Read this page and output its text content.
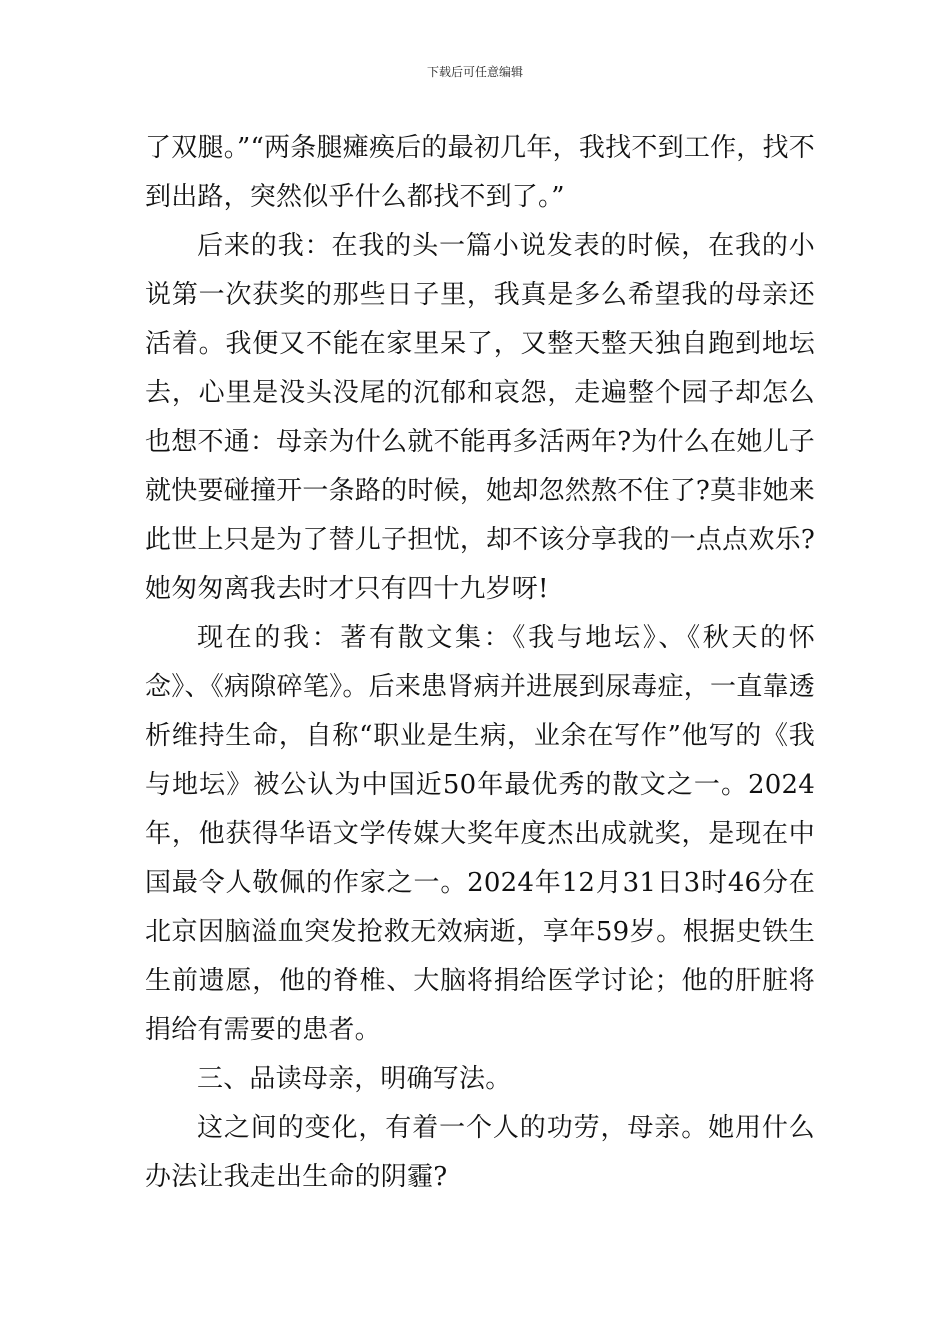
下载后可任意编辑

了双腿。”“两条腿瘫痪后的最初几年，我找不到工作，找不到出路，突然似乎什么都找不到了。”

后来的我：在我的头一篇小说发表的时候，在我的小说第一次获奖的那些日子里，我真是多么希望我的母亲还活着。我便又不能在家里呆了，又整天整天独自跑到地坛去，心里是没头没尾的沉郁和哀怨，走遍整个园子却怎么也想不通：母亲为什么就不能再多活两年?为什么在她儿子就快要碰撞开一条路的时候，她却忽然熬不住了?莫非她来此世上只是为了替儿子担忧，却不该分享我的一点点欢乐?她匆匆离我去时才只有四十九岁呀!

现在的我：著有散文集：《我与地坛》、《秋天的怀念》、《病隙碎笔》。后来患肾病并进展到尿毒症，一直靠透析维持生命，自称“职业是生病，业余在写作”他写的《我与地坛》被公认为中国近50年最优秀的散文之一。2024年，他获得华语文学传媒大奖年度杰出成就奖，是现在中国最令人敬佩的作家之一。2024年12月31日3时46分在北京因脑溢血突发抢救无效病逝，享年59岁。根据史铁生生前遗愿，他的脊椎、大脑将捐给医学讨论；他的肝脏将捐给有需要的患者。

三、品读母亲，明确写法。

这之间的变化，有着一个人的功劳，母亲。她用什么办法让我走出生命的阴霾?
